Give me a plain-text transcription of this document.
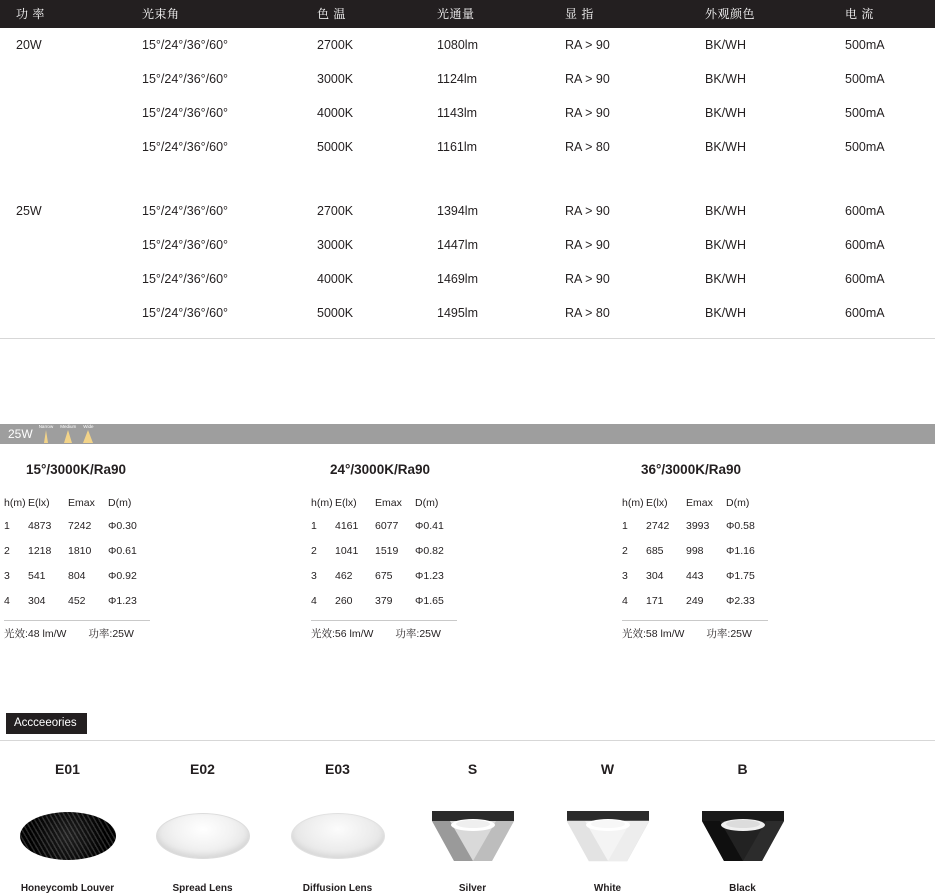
功 率	光束角	色 温	光通量	显 指	外观颜色	电 流
20W	15°/24°/36°/60°	2700K	1080lm	RA > 90	BK/WH	500mA
	15°/24°/36°/60°	3000K	1124lm	RA > 90	BK/WH	500mA
	15°/24°/36°/60°	4000K	1143lm	RA > 90	BK/WH	500mA
	15°/24°/36°/60°	5000K	1161lm	RA > 80	BK/WH	500mA

25W	15°/24°/36°/60°	2700K	1394lm	RA > 90	BK/WH	600mA
	15°/24°/36°/60°	3000K	1447lm	RA > 90	BK/WH	600mA
	15°/24°/36°/60°	4000K	1469lm	RA > 90	BK/WH	600mA
	15°/24°/36°/60°	5000K	1495lm	RA > 80	BK/WH	600mA
25W
Narrow Medium Wide
15°/3000K/Ra90
h(m)	E(lx)	Emax	D(m)
1	4873	7242	Φ0.30
2	1218	1810	Φ0.61
3	541	804	Φ0.92
4	304	452	Φ1.23
光效:48 lm/W 功率:25W
24°/3000K/Ra90
h(m)	E(lx)	Emax	D(m)
1	4161	6077	Φ0.41
2	1041	1519	Φ0.82
3	462	675	Φ1.23
4	260	379	Φ1.65
光效:56 lm/W 功率:25W
36°/3000K/Ra90
h(m)	E(lx)	Emax	D(m)
1	2742	3993	Φ0.58
2	685	998	Φ1.16
3	304	443	Φ1.75
4	171	249	Φ2.33
光效:58 lm/W 功率:25W
Accceeories
E01
Honeycomb Louver
E02
Spread Lens
E03
Diffusion Lens
S
Silver
W
White
B
Black
